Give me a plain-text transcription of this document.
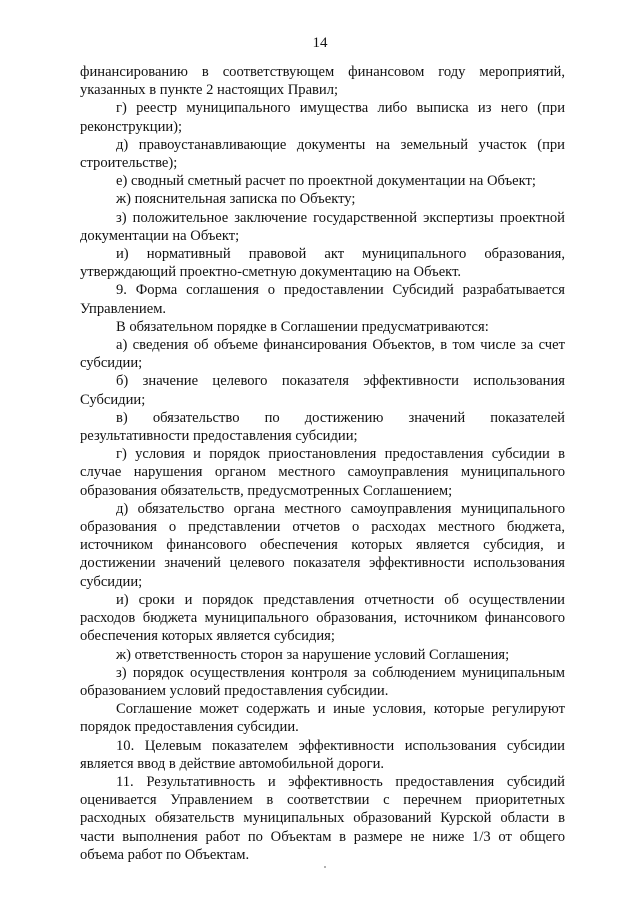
14

финансированию в соответствующем финансовом году мероприятий, указанных в пункте 2 настоящих Правил;

г) реестр муниципального имущества либо выписка из него (при реконструкции);

д) правоустанавливающие документы на земельный участок (при строительстве);

е) сводный сметный расчет по проектной документации на Объект;

ж) пояснительная записка по Объекту;

з) положительное заключение государственной экспертизы проектной документации на Объект;

и) нормативный правовой акт муниципального образования, утверждающий проектно-сметную документацию на Объект.

9. Форма соглашения о предоставлении Субсидий разрабатывается Управлением.

В обязательном порядке в Соглашении предусматриваются:

а) сведения об объеме финансирования Объектов, в том числе за счет субсидии;

б) значение целевого показателя эффективности использования Субсидии;

в) обязательство по достижению значений показателей результативности предоставления субсидии;

г) условия и порядок приостановления предоставления субсидии в случае нарушения органом местного самоуправления муниципального образования обязательств, предусмотренных Соглашением;

д) обязательство органа местного самоуправления муниципального образования о представлении отчетов о расходах местного бюджета, источником финансового обеспечения которых является субсидия, и достижении значений целевого показателя эффективности использования субсидии;

и) сроки и порядок представления отчетности об осуществлении расходов бюджета муниципального образования, источником финансового обеспечения которых является субсидия;

ж) ответственность сторон за нарушение условий Соглашения;

з) порядок осуществления контроля за соблюдением муниципальным образованием условий предоставления субсидии.

Соглашение может содержать и иные условия, которые регулируют порядок предоставления субсидии.

10. Целевым показателем эффективности использования субсидии является ввод в действие автомобильной дороги.

11. Результативность и эффективность предоставления субсидий оценивается Управлением в соответствии с перечнем приоритетных расходных обязательств муниципальных образований Курской области в части выполнения работ по Объектам в размере не ниже 1/3 от общего объема работ по Объектам.
